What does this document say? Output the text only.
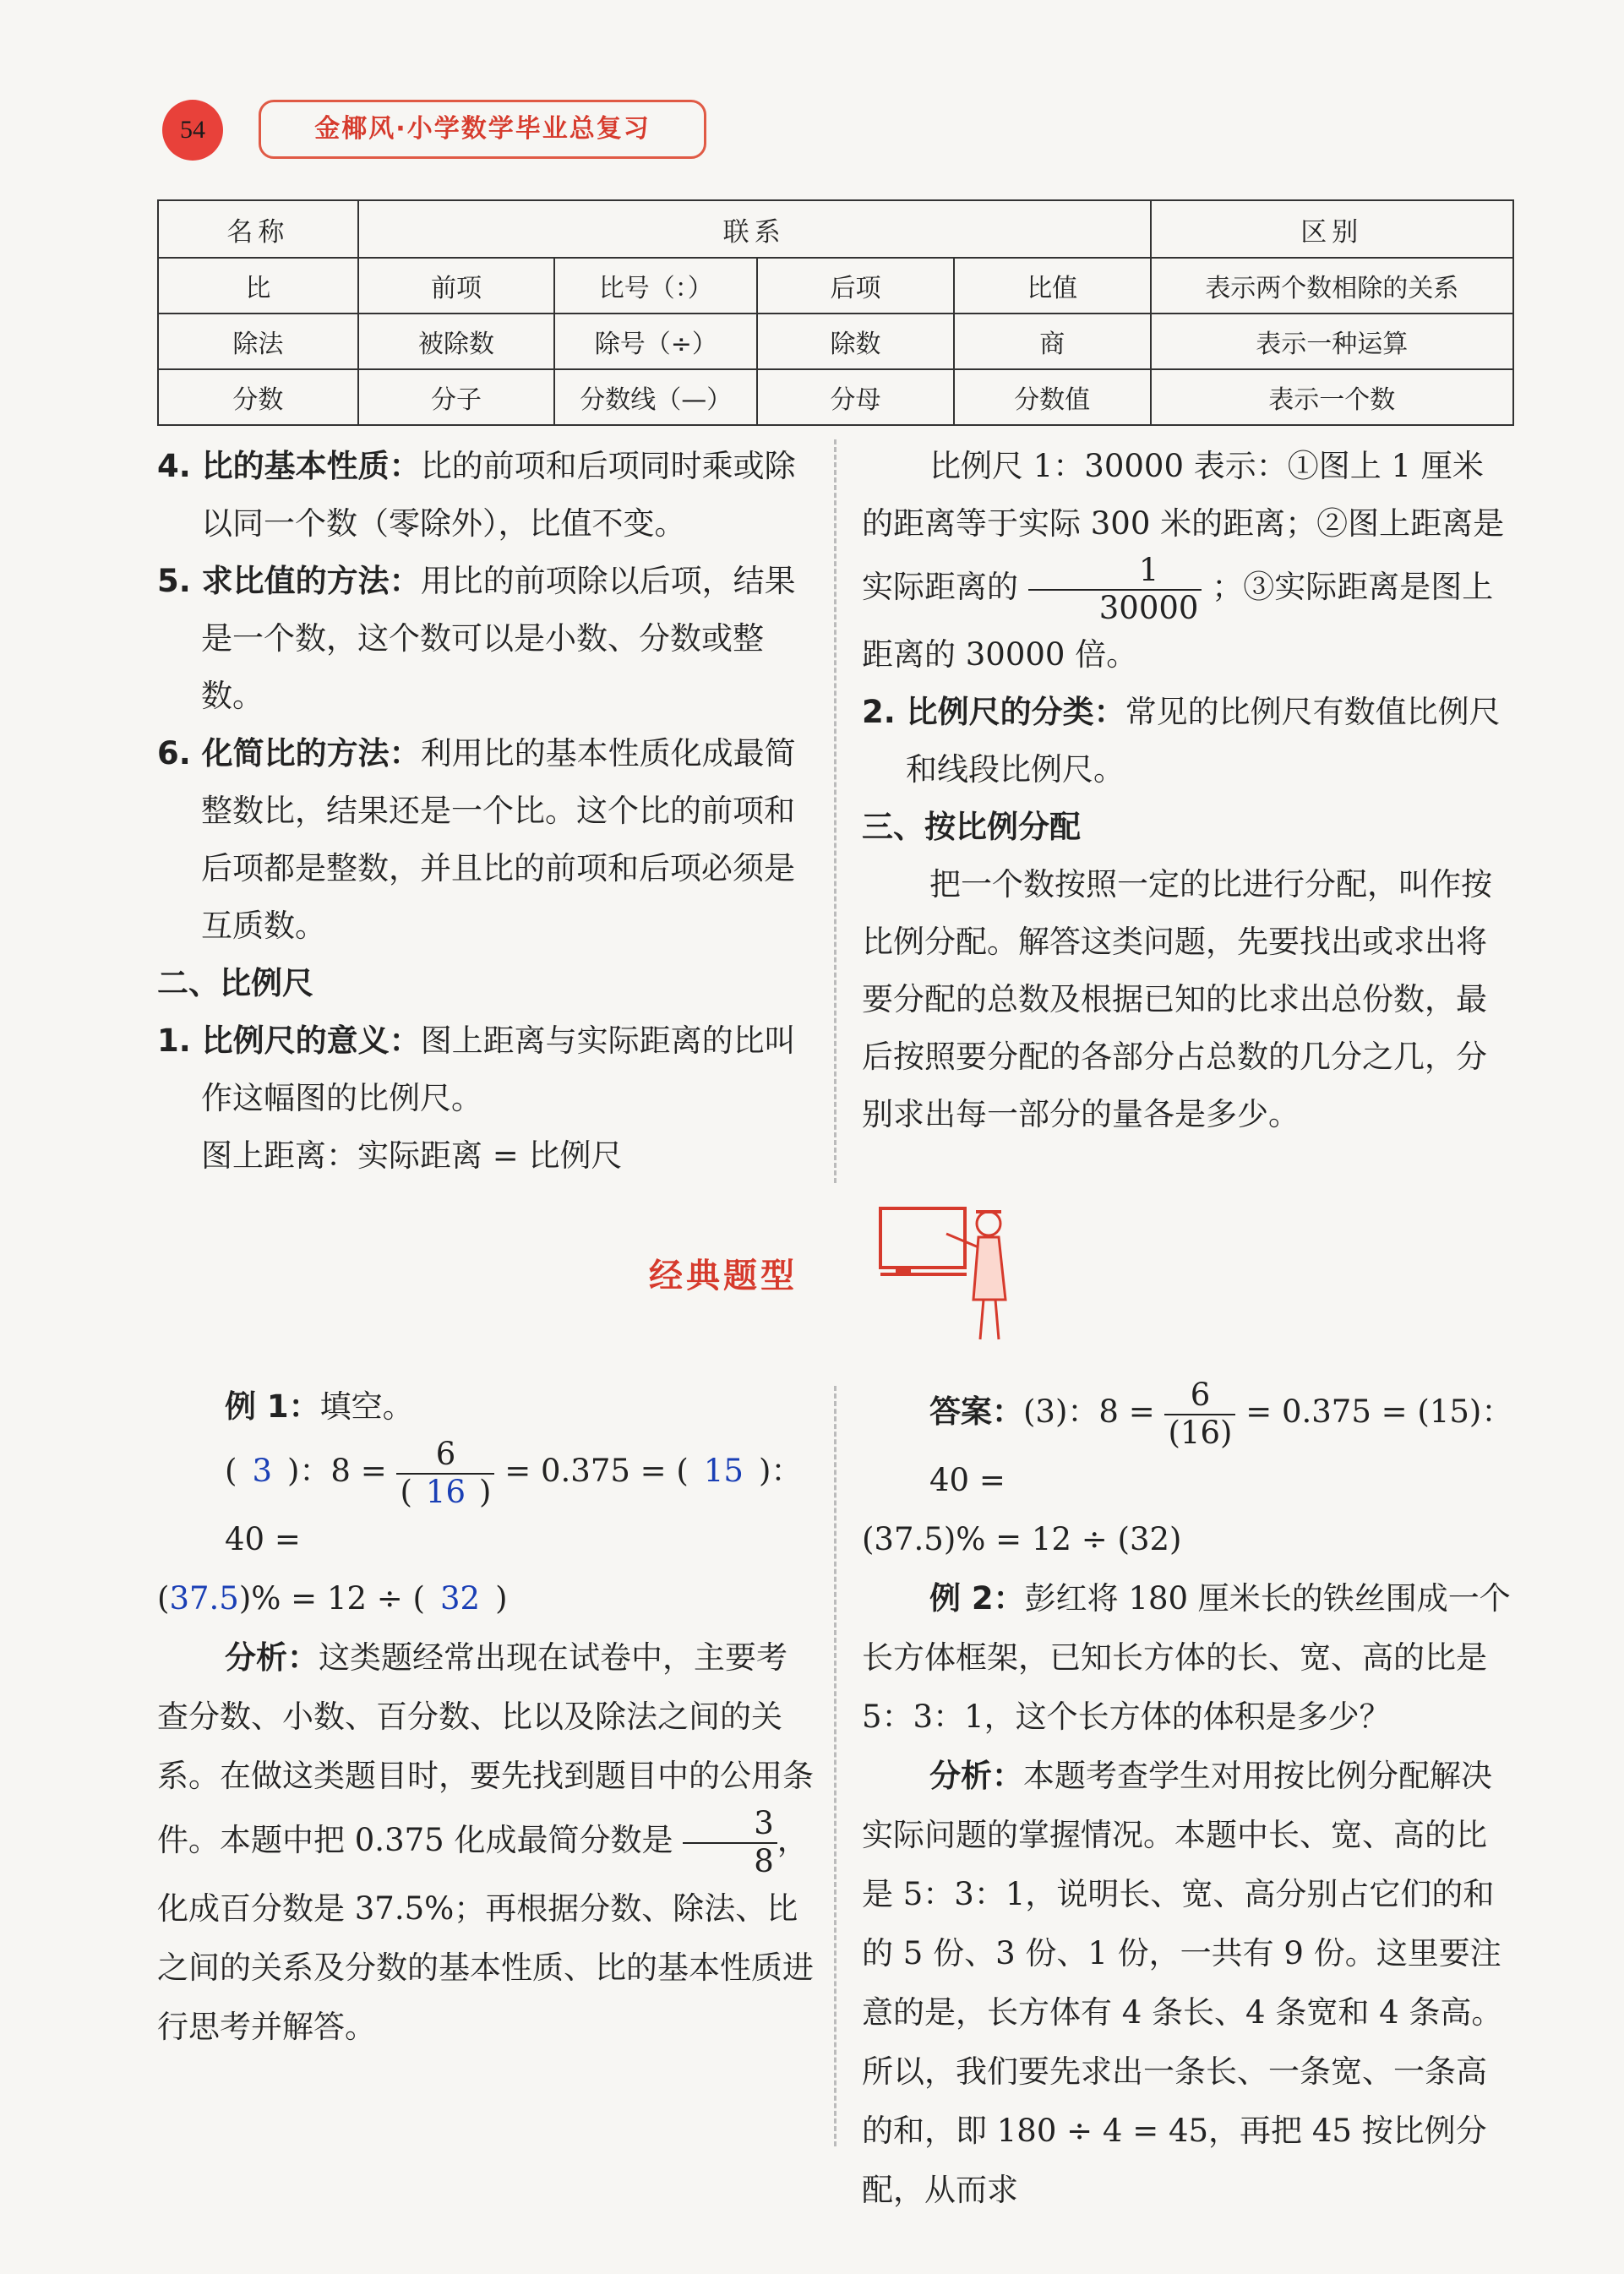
54	金椰风·小学数学毕业总复习
名称	联系				区别
比	前项	比号（：）	后项	比值	表示两个数相除的关系
除法	被除数	除号（÷）	除数	商	表示一种运算
分数	分子	分数线（—）	分母	分数值	表示一个数

4. 比的基本性质：比的前项和后项同时乘或除以同一个数（零除外），比值不变。

5. 求比值的方法：用比的前项除以后项，结果是一个数，这个数可以是小数、分数或整数。

6. 化简比的方法：利用比的基本性质化成最简整数比，结果还是一个比。这个比的前项和后项都是整数，并且比的前项和后项必须是互质数。

二、比例尺

1. 比例尺的意义：图上距离与实际距离的比叫作这幅图的比例尺。

图上距离：实际距离 = 比例尺

比例尺 1：30000 表示：①图上 1 厘米的距离等于实际 300 米的距离；②图上距离是实际距离的 $\frac{1}{30000}$ ；③实际距离是图上距离的 30000 倍。

2. 比例尺的分类：常见的比例尺有数值比例尺和线段比例尺。

三、按比例分配

把一个数按照一定的比进行分配，叫作按比例分配。解答这类问题，先要找出或求出将要分配的总数及根据已知的比求出总份数，最后按照要分配的各部分占总数的几分之几，分别求出每一部分的量各是多少。

经典题型

例 1：填空。

( 3 )：$8 = \frac{6}{( 16 )} = 0.375$ = ( 15 )：40 =

(37.5)% = 12 ÷ ( 32 )

分析：这类题经常出现在试卷中，主要考查分数、小数、百分数、比以及除法之间的关系。在做这类题目时，要先找到题目中的公用条件。本题中把 0.375 化成最简分数是 $\frac{3}{8}$ ，化成百分数是 37.5%；再根据分数、除法、比之间的关系及分数的基本性质、比的基本性质进行思考并解答。

答案：(3)：$8 = \frac{6}{(16)} = 0.375 = (15)$：40 =

(37.5)% = 12 ÷ (32)

例 2：彭红将 180 厘米长的铁丝围成一个长方体框架，已知长方体的长、宽、高的比是 5：3：1，这个长方体的体积是多少？

分析：本题考查学生对用按比例分配解决实际问题的掌握情况。本题中长、宽、高的比是 5：3：1，说明长、宽、高分别占它们的和的 5 份、3 份、1 份，一共有 9 份。这里要注意的是，长方体有 4 条长、4 条宽和 4 条高。所以，我们要先求出一条长、一条宽、一条高的和，即 180 ÷ 4 = 45，再把 45 按比例分配，从而求
